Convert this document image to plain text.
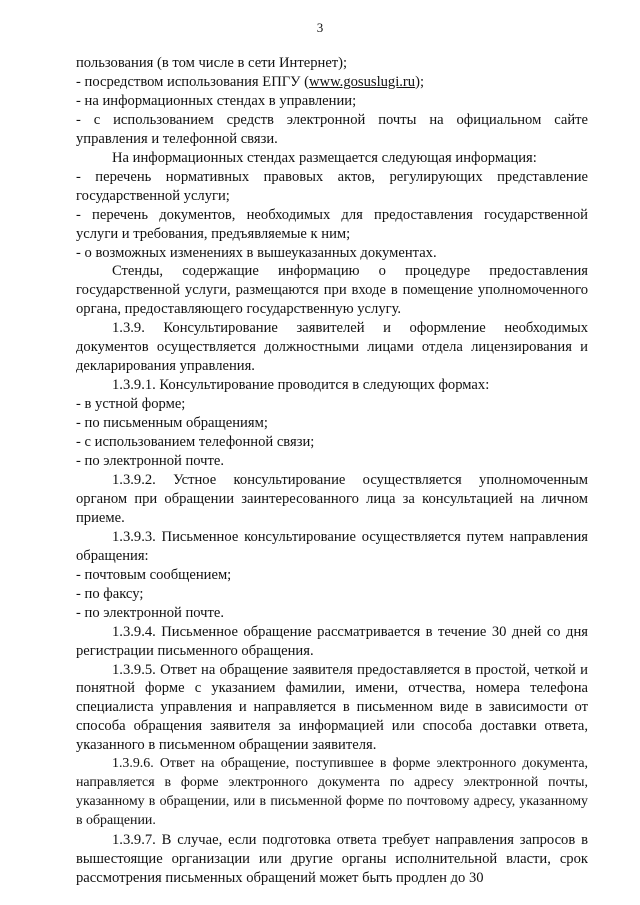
3

пользования (в том числе в сети Интернет);

- посредством использования ЕПГУ (www.gosuslugi.ru);

- на информационных стендах в управлении;

- с использованием средств электронной почты на официальном сайте управления и телефонной связи.

На информационных стендах размещается следующая информация:

- перечень нормативных правовых актов, регулирующих представление государственной услуги;

- перечень документов, необходимых для предоставления государственной услуги и требования, предъявляемые к ним;

- о возможных изменениях в вышеуказанных документах.

Стенды, содержащие информацию о процедуре предоставления государственной услуги, размещаются при входе в помещение уполномоченного органа, предоставляющего государственную услугу.

1.3.9. Консультирование заявителей и оформление необходимых документов осуществляется должностными лицами отдела лицензирования и декларирования управления.

1.3.9.1. Консультирование проводится в следующих формах:

- в устной форме;

- по письменным обращениям;

- с использованием телефонной связи;

- по электронной почте.

1.3.9.2. Устное консультирование осуществляется уполномоченным органом при обращении заинтересованного лица за консультацией на личном приеме.

1.3.9.3. Письменное консультирование осуществляется путем направления обращения:

- почтовым сообщением;

- по факсу;

- по электронной почте.

1.3.9.4. Письменное обращение рассматривается в течение 30 дней со дня регистрации письменного обращения.

1.3.9.5. Ответ на обращение заявителя предоставляется в простой, четкой и понятной форме с указанием фамилии, имени, отчества, номера телефона специалиста управления и направляется в письменном виде в зависимости от способа обращения заявителя за информацией или способа доставки ответа, указанного в письменном обращении заявителя.

1.3.9.6. Ответ на обращение, поступившее в форме электронного документа, направляется в форме электронного документа по адресу электронной почты, указанному в обращении, или в письменной форме по почтовому адресу, указанному в обращении.

1.3.9.7. В случае, если подготовка ответа требует направления запросов в вышестоящие организации или другие органы исполнительной власти, срок рассмотрения письменных обращений может быть продлен до 30
